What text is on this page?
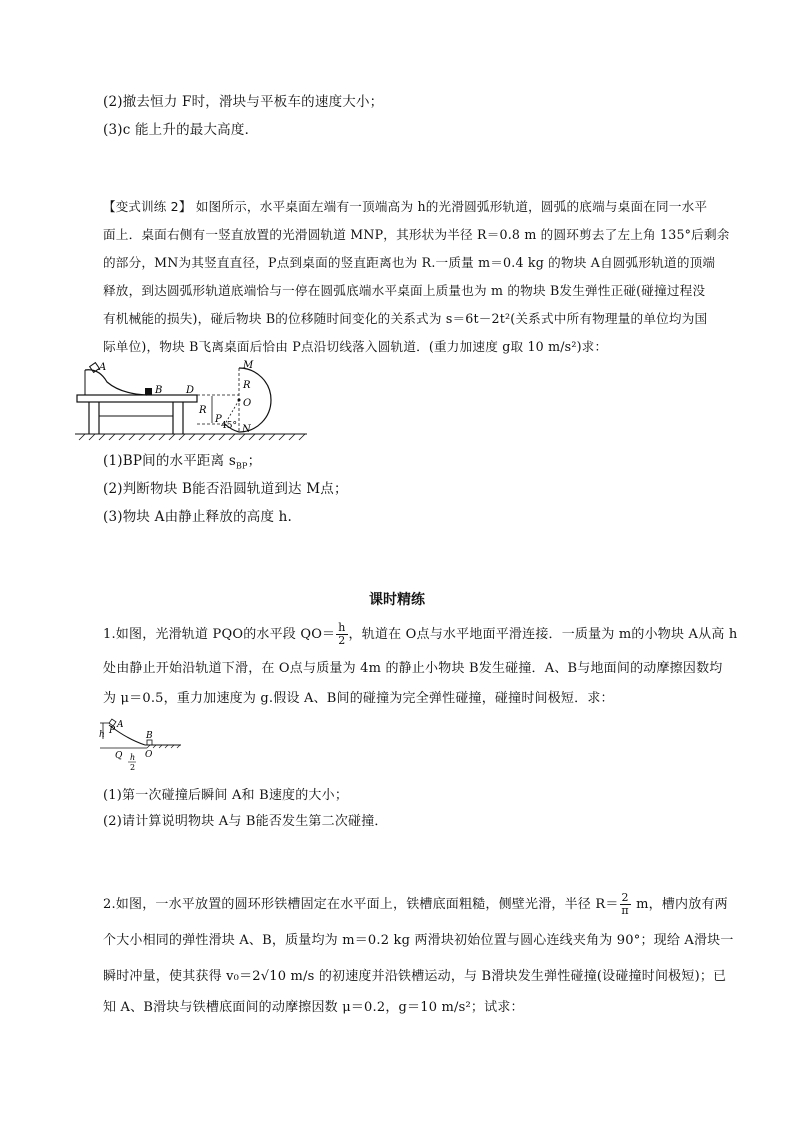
(2)撤去恒力 F时，滑块与平板车的速度大小；
(3)c 能上升的最大高度．
【变式训练 2】 如图所示，水平桌面左端有一顶端高为 h的光滑圆弧形轨道，圆弧的底端与桌面在同一水平
面上．桌面右侧有一竖直放置的光滑圆轨道 MNP，其形状为半径 R＝0.8 m 的圆环剪去了左上角 135°后剩余
的部分，MN为其竖直直径，P点到桌面的竖直距离也为 R.一质量 m＝0.4 kg 的物块 A自圆弧形轨道的顶端
释放，到达圆弧形轨道底端恰与一停在圆弧底端水平桌面上质量也为 m 的物块 B发生弹性正碰(碰撞过程没
有机械能的损失)，碰后物块 B的位移随时间变化的关系式为 s＝6t－2t²(关系式中所有物理量的单位均为国
际单位)，物块 B飞离桌面后恰由 P点沿切线落入圆轨道．(重力加速度 g取 10 m/s²)求：
A
B D
R
P
45°
M
R
O
N
(1)BP间的水平距离 $s_{BP}$；
(2)判断物块 B能否沿圆轨道到达 M点；
(3)物块 A由静止释放的高度 h.
课时精练
1.如图，光滑轨道 PQO的水平段 $QO= \frac{h}{2}$ ，轨道在 O点与水平地面平滑连接．一质量为 m的小物块 A从高 h
处由静止开始沿轨道下滑，在 O点与质量为 4m 的静止小物块 B发生碰撞．A、B与地面间的动摩擦因数均
为 μ＝0.5，重力加速度为 g.假设 A、B间的碰撞为完全弹性碰撞，碰撞时间极短．求：
A
P
h
Q	O
B
h
2
(1)第一次碰撞后瞬间 A和 B速度的大小；
(2)请计算说明物块 A与 B能否发生第二次碰撞．
2.如图，一水平放置的圆环形铁槽固定在水平面上，铁槽底面粗糙，侧壁光滑，半径 $R= \frac{2}{\pi}$ m，槽内放有两
个大小相同的弹性滑块 A、B，质量均为 m＝0.2 kg 两滑块初始位置与圆心连线夹角为 90°；现给 A滑块一
瞬时冲量，使其获得 v₀＝2√10 m/s 的初速度并沿铁槽运动，与 B滑块发生弹性碰撞(设碰撞时间极短)；已
知 A、B滑块与铁槽底面间的动摩擦因数 μ＝0.2，g＝10 m/s²；试求：
